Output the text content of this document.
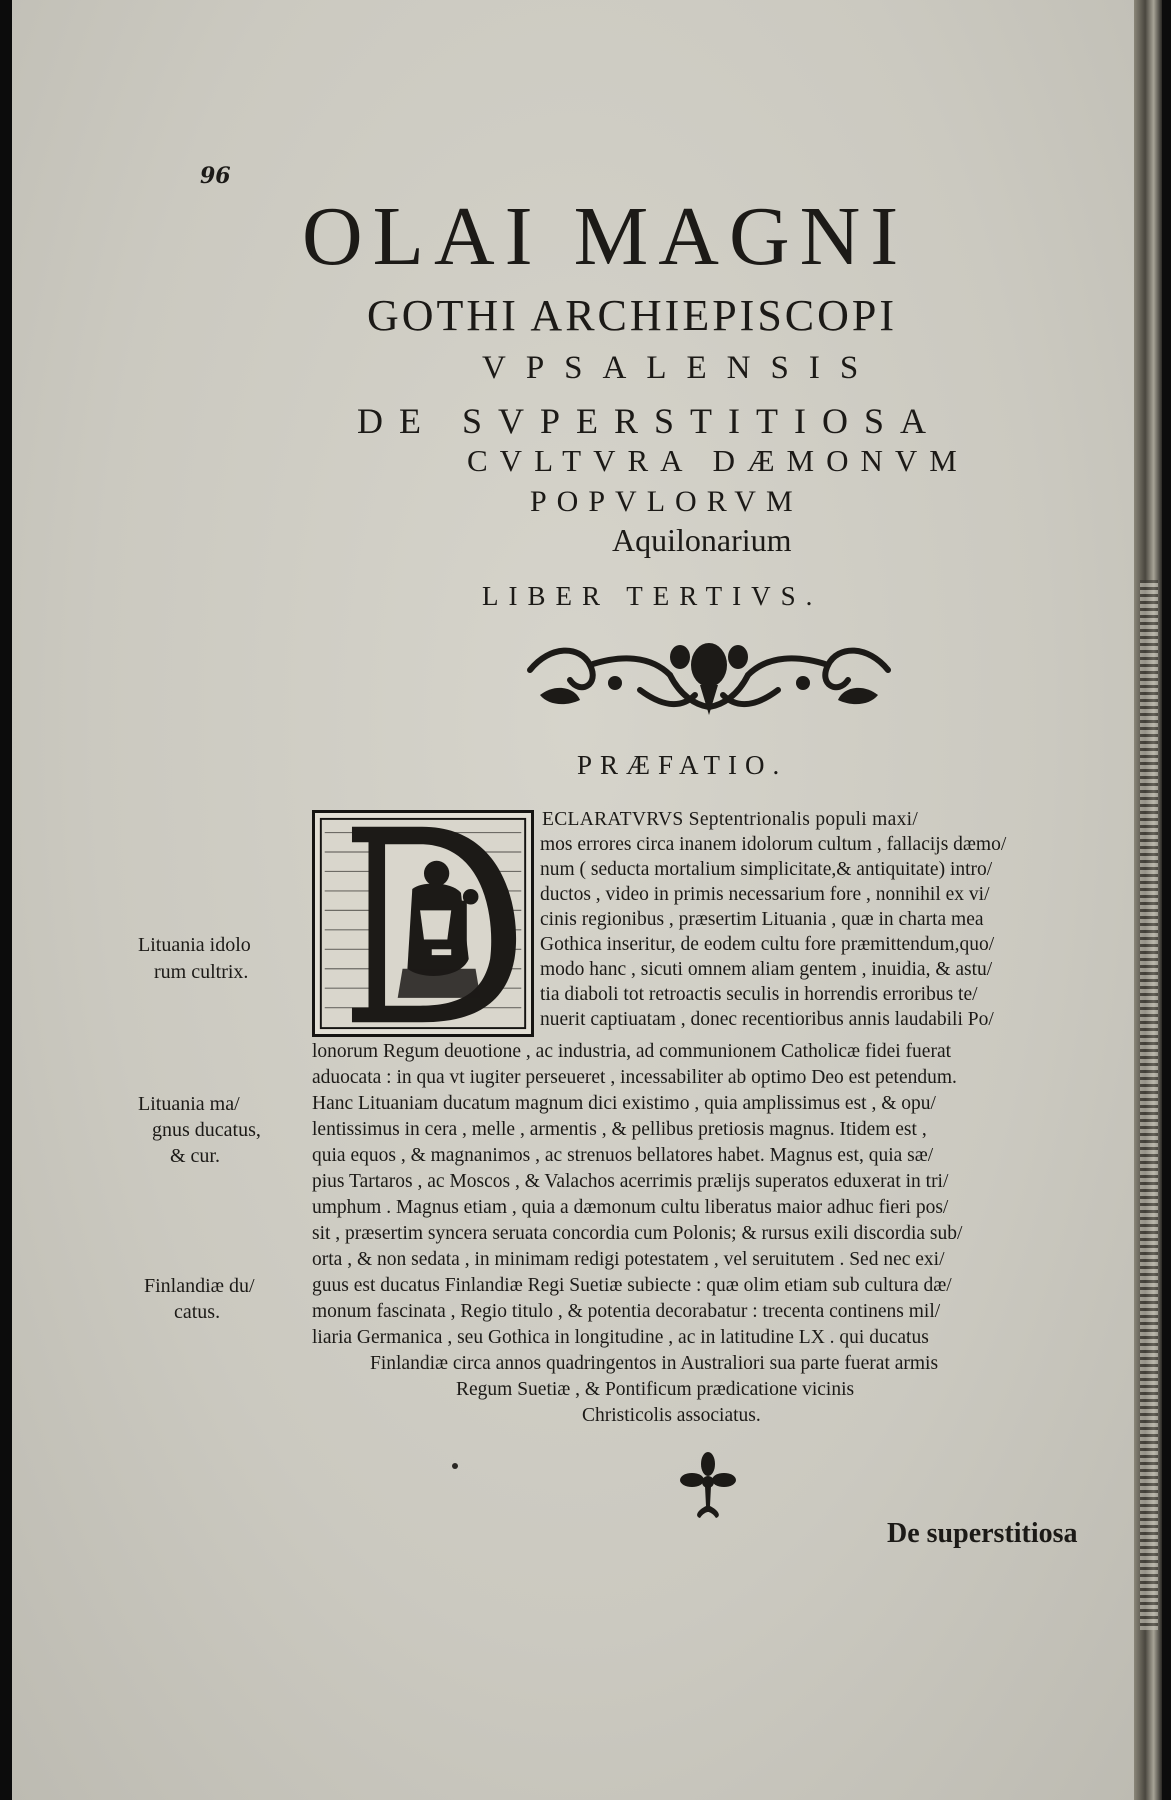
96
OLAI MAGNI
GOTHI ARCHIEPISCOPI
VPSALENSIS
DE SVPERSTITIOSA
CVLTVRA DÆMONVM
POPVLORVM
Aquilonarium
LIBER TERTIVS.
PRÆFATIO.
ECLARATVRVS Septentrionalis populi maxi/
mos errores circa inanem idolorum cultum , fallacijs dæmo/
num ( seducta mortalium simplicitate,& antiquitate) intro/
ductos , video in primis necessarium fore , nonnihil ex vi/
cinis regionibus , præsertim Lituania , quæ in charta mea
Gothica inseritur, de eodem cultu fore præmittendum,quo/
modo hanc , sicuti omnem aliam gentem , inuidia, & astu/
tia diaboli tot retroactis seculis in horrendis erroribus te/
nuerit captiuatam , donec recentioribus annis laudabili Po/
lonorum Regum deuotione , ac industria, ad communionem Catholicæ fidei fuerat
aduocata : in qua vt iugiter perseueret , incessabiliter ab optimo Deo est petendum.
Hanc Lituaniam ducatum magnum dici existimo , quia amplissimus est , & opu/
lentissimus in cera , melle , armentis , & pellibus pretiosis magnus. Itidem est ,
quia equos , & magnanimos , ac strenuos bellatores habet. Magnus est, quia sæ/
pius Tartaros , ac Moscos , & Valachos acerrimis prælijs superatos eduxerat in tri/
umphum . Magnus etiam , quia a dæmonum cultu liberatus maior adhuc fieri pos/
sit , præsertim syncera seruata concordia cum Polonis; & rursus exili discordia sub/
orta , & non sedata , in minimam redigi potestatem , vel seruitutem . Sed nec exi/
guus est ducatus Finlandiæ Regi Suetiæ subiecte : quæ olim etiam sub cultura dæ/
monum fascinata , Regio titulo , & potentia decorabatur : trecenta continens mil/
liaria Germanica , seu Gothica in longitudine , ac in latitudine LX . qui ducatus
Finlandiæ circa annos quadringentos in Australiori sua parte fuerat armis
Regum Suetiæ , & Pontificum prædicatione vicinis
Christicolis associatus.
Lituania idolo
rum cultrix.
Lituania ma/
gnus ducatus,
& cur.
Finlandiæ du/
catus.
De superstitiosa
